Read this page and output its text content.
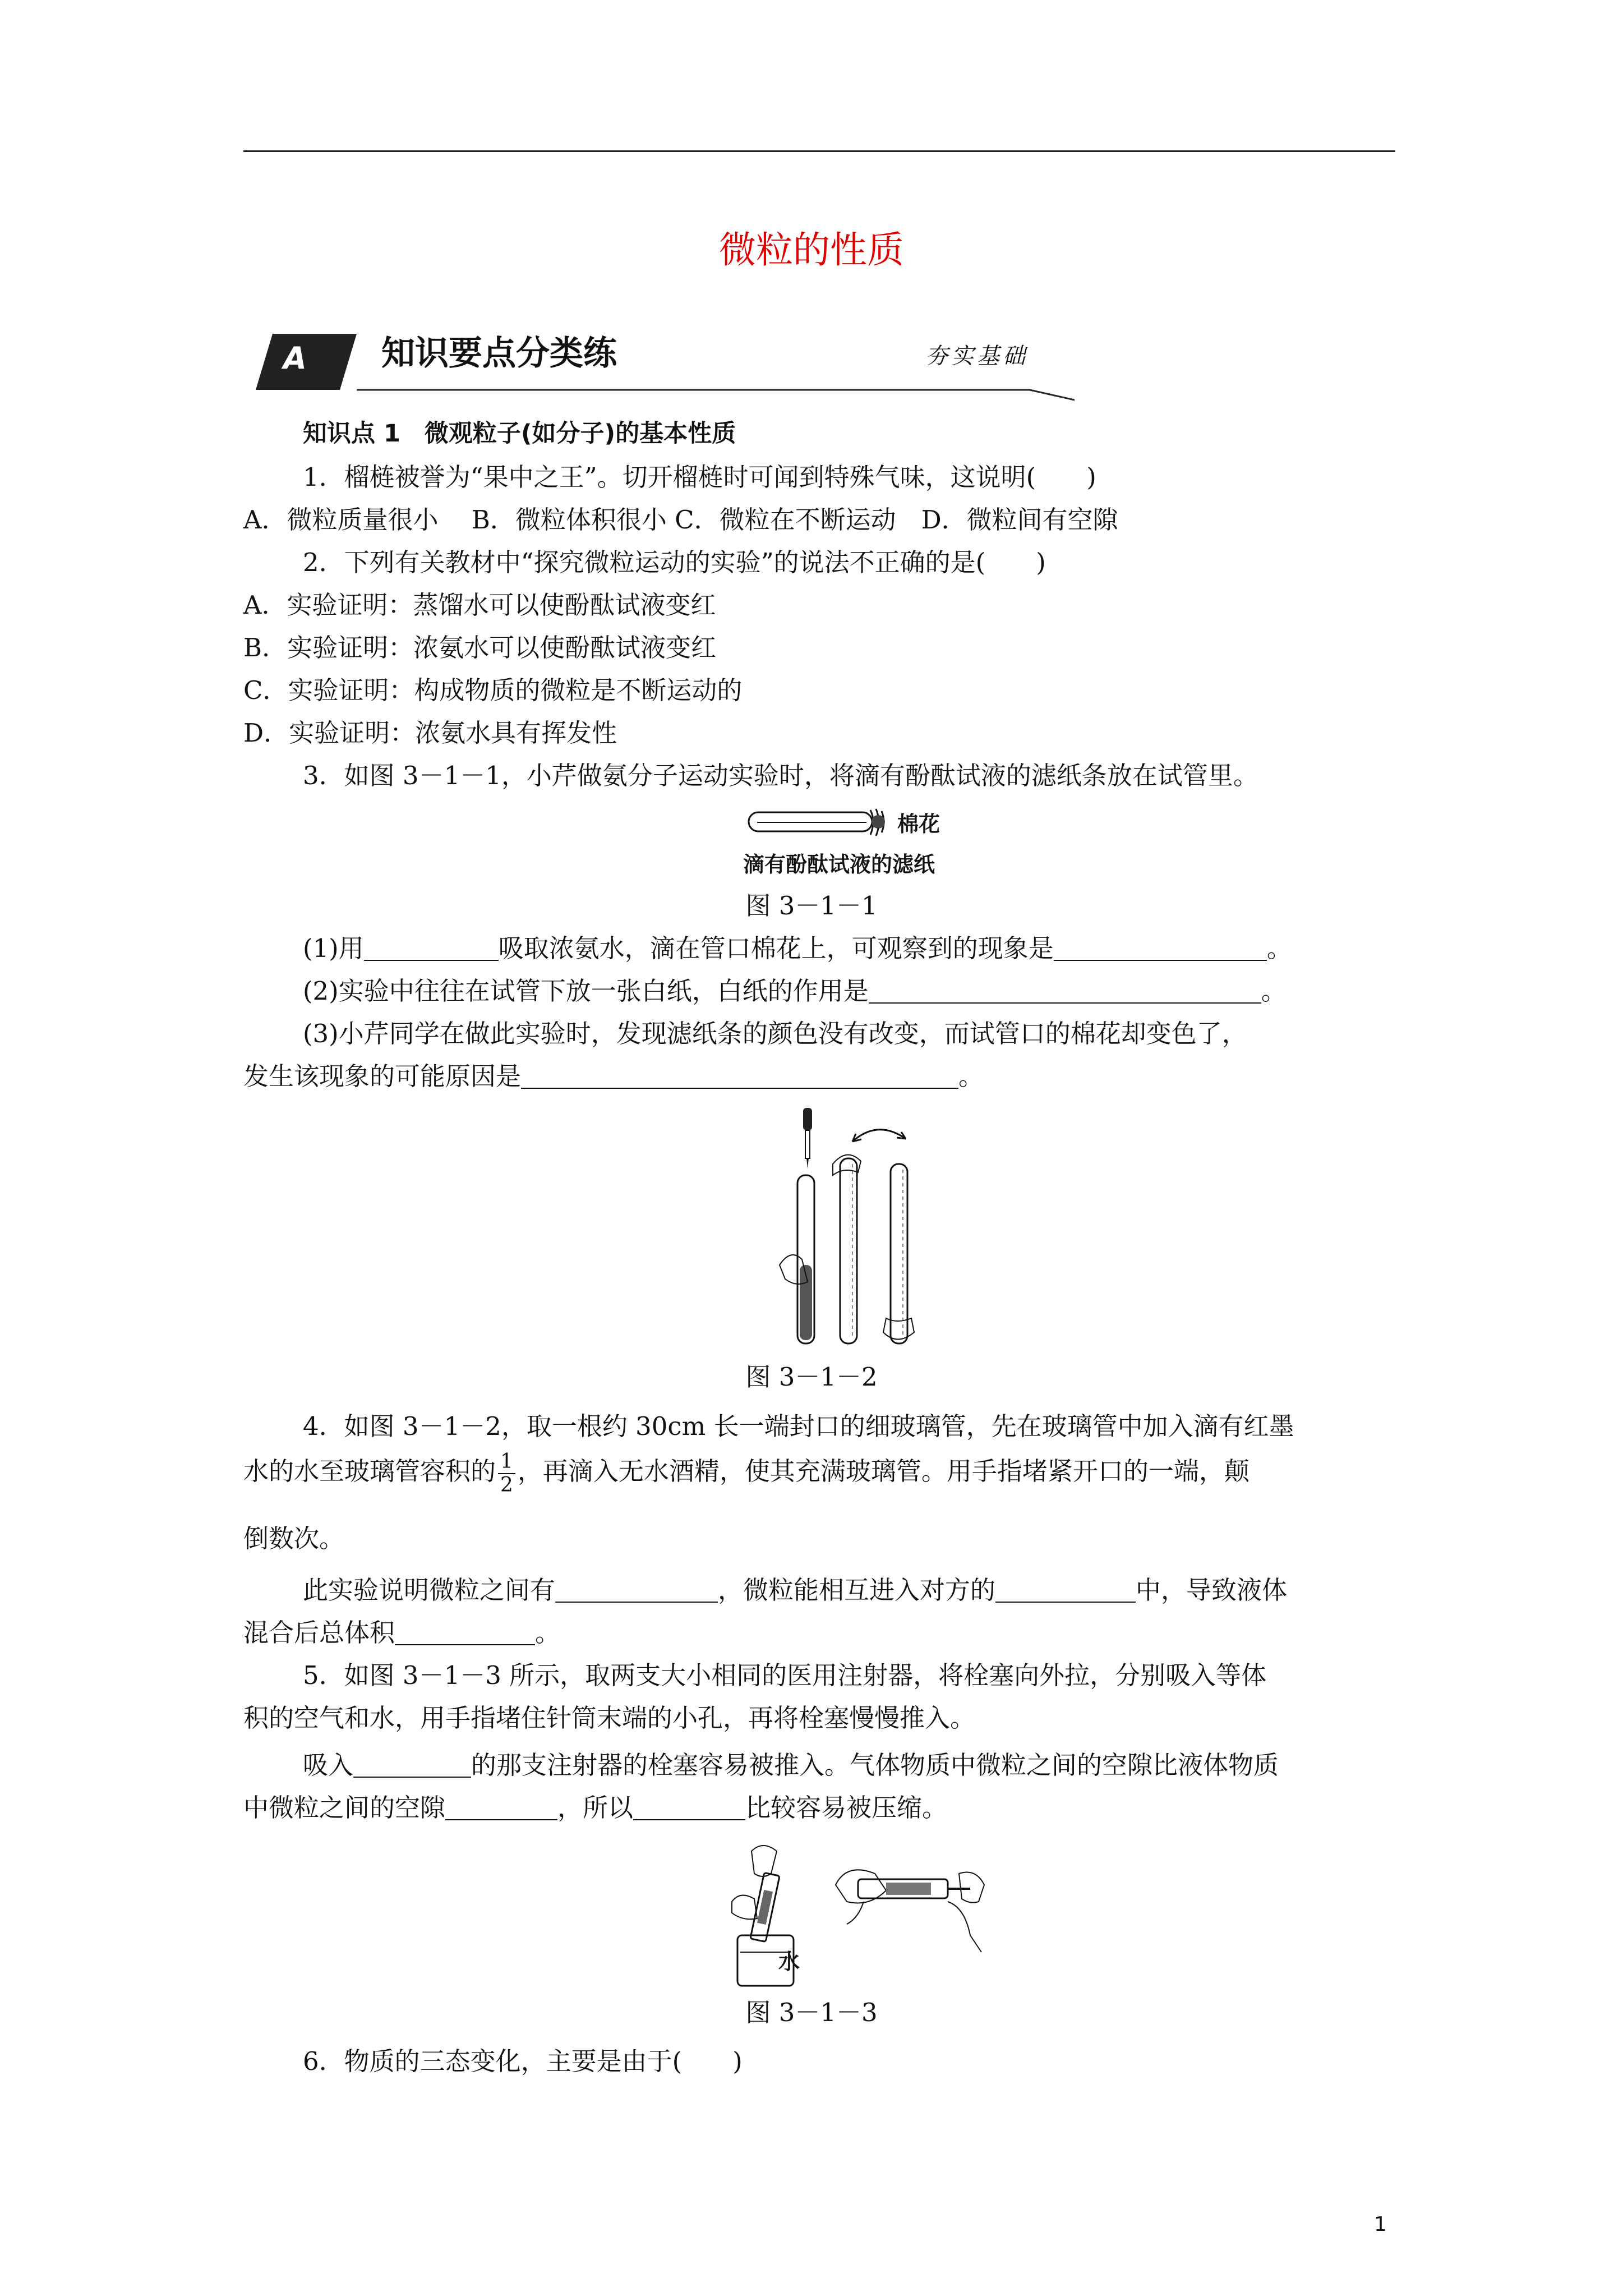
微粒的性质
A 知识要点分类练	夯实基础
知识点 1　微观粒子(如分子)的基本性质
1．榴梿被誉为“果中之王”。切开榴梿时可闻到特殊气味，这说明(　　)
A．微粒质量很小　 B．微粒体积很小 C．微粒在不断运动　D．微粒间有空隙
2．下列有关教材中“探究微粒运动的实验”的说法不正确的是(　　)
A．实验证明：蒸馏水可以使酚酞试液变红
B．实验证明：浓氨水可以使酚酞试液变红
C．实验证明：构成物质的微粒是不断运动的
D．实验证明：浓氨水具有挥发性
3．如图 3－1－1，小芹做氨分子运动实验时，将滴有酚酞试液的滤纸条放在试管里。
棉花
滴有酚酞试液的滤纸
图 3－1－1
(1)用	吸取浓氨水，滴在管口棉花上，可观察到的现象是	。
(2)实验中往往在试管下放一张白纸，白纸的作用是	。
(3)小芹同学在做此实验时，发现滤纸条的颜色没有改变，而试管口的棉花却变色了，
发生该现象的可能原因是	。
图 3－1－2
4．如图 3－1－2，取一根约 30cm 长一端封口的细玻璃管，先在玻璃管中加入滴有红墨
水的水至玻璃管容积的 $\frac{1}{2}$ ，再滴入无水酒精，使其充满玻璃管。用手指堵紧开口的一端，颠
倒数次。
此实验说明微粒之间有	，微粒能相互进入对方的	中，导致液体
混合后总体积	。
5．如图 3－1－3 所示，取两支大小相同的医用注射器，将栓塞向外拉，分别吸入等体
积的空气和水，用手指堵住针筒末端的小孔，再将栓塞慢慢推入。
吸入	的那支注射器的栓塞容易被推入。气体物质中微粒之间的空隙比液体物质
中微粒之间的空隙	，所以	比较容易被压缩。
水
图 3－1－3
6．物质的三态变化，主要是由于(　　)
1
